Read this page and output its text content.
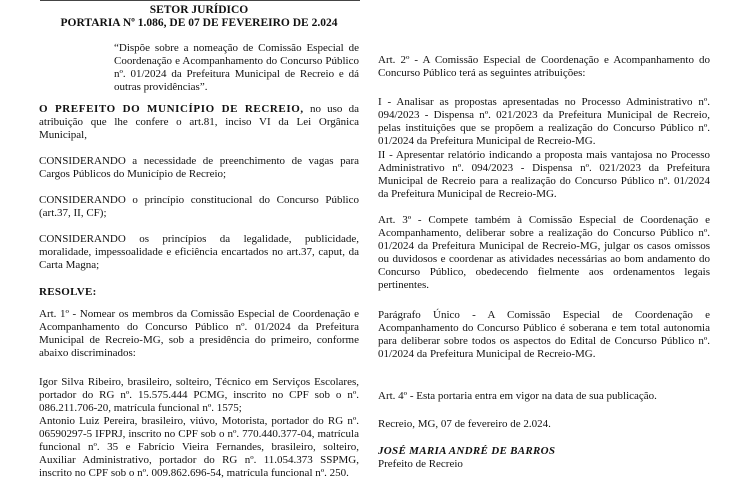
SETOR JURÍDICO

PORTARIA Nº 1.086, DE 07 DE FEVEREIRO DE 2.024

“Dispõe sobre a nomeação de Comissão Especial de Coordenação e Acompanhamento do Concurso Público nº. 01/2024 da Prefeitura Municipal de Recreio e dá outras providências”.

O PREFEITO DO MUNICÍPIO DE RECREIO, no uso da atribuição que lhe confere o art.81, inciso VI da Lei Orgânica Municipal,

CONSIDERANDO a necessidade de preenchimento de vagas para Cargos Públicos do Município de Recreio;

CONSIDERANDO o princípio constitucional do Concurso Público (art.37, II, CF);

CONSIDERANDO os princípios da legalidade, publicidade, moralidade, impessoalidade e eficiência encartados no art.37, caput, da Carta Magna;

RESOLVE:

Art. 1º - Nomear os membros da Comissão Especial de Coordenação e Acompanhamento do Concurso Público nº. 01/2024 da Prefeitura Municipal de Recreio-MG, sob a presidência do primeiro, conforme abaixo discriminados:

Igor Silva Ribeiro, brasileiro, solteiro, Técnico em Serviços Escolares, portador do RG nº. 15.575.444 PCMG, inscrito no CPF sob o nº. 086.211.706-20, matrícula funcional nº. 1575;

Antonio Luiz Pereira, brasileiro, viúvo, Motorista, portador do RG nº. 06590297-5 IFPRJ, inscrito no CPF sob o nº. 770.440.377-04, matrícula funcional nº. 35 e Fabrício Vieira Fernandes, brasileiro, solteiro, Auxiliar Administrativo, portador do RG nº. 11.054.373 SSPMG, inscrito no CPF sob o nº. 009.862.696-54, matrícula funcional nº. 250.

Art. 2º - A Comissão Especial de Coordenação e Acompanhamento do Concurso Público terá as seguintes atribuições:

I - Analisar as propostas apresentadas no Processo Administrativo nº. 094/2023 - Dispensa nº. 021/2023 da Prefeitura Municipal de Recreio, pelas instituições que se propõem a realização do Concurso Público nº. 01/2024 da Prefeitura Municipal de Recreio-MG.

II - Apresentar relatório indicando a proposta mais vantajosa no Processo Administrativo nº. 094/2023 - Dispensa nº. 021/2023 da Prefeitura Municipal de Recreio para a realização do Concurso Público nº. 01/2024 da Prefeitura Municipal de Recreio-MG.

Art. 3º - Compete também à Comissão Especial de Coordenação e Acompanhamento, deliberar sobre a realização do Concurso Público nº. 01/2024 da Prefeitura Municipal de Recreio-MG, julgar os casos omissos ou duvidosos e coordenar as atividades necessárias ao bom andamento do Concurso Público, obedecendo fielmente aos ordenamentos legais pertinentes.

Parágrafo Único - A Comissão Especial de Coordenação e Acompanhamento do Concurso Público é soberana e tem total autonomia para deliberar sobre todos os aspectos do Edital de Concurso Público nº. 01/2024 da Prefeitura Municipal de Recreio-MG.

Art. 4º - Esta portaria entra em vigor na data de sua publicação.

Recreio, MG, 07 de fevereiro de 2.024.

JOSÉ MARIA ANDRÉ DE BARROS

Prefeito de Recreio
